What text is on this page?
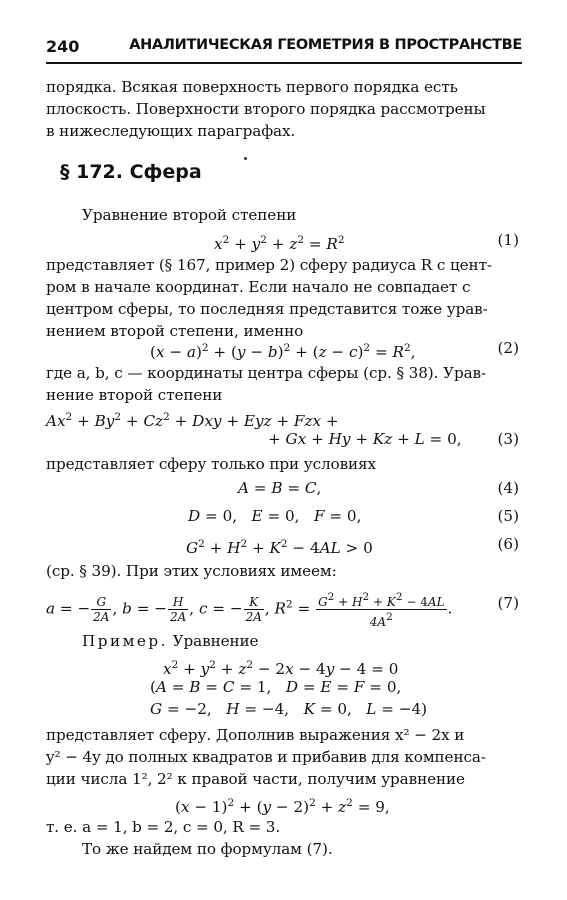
240	АНАЛИТИЧЕСКАЯ ГЕОМЕТРИЯ В ПРОСТРАНСТВЕ
порядка. Всякая поверхность первого порядка есть
плоскость. Поверхности второго порядка рассмотрены
в нижеследующих параграфах.
§ 172. Сфера
Уравнение второй степени
$x^2 + y^2 + z^2 = R^2$	(1)
представляет (§ 167, пример 2) сферу радиуса R с цент-
ром в начале координат. Если начало не совпадает с
центром сферы, то последняя представится тоже урав-
нением второй степени, именно
$(x - a)^2 + (y - b)^2 + (z - c)^2 = R^2$,	(2)
где a, b, c — координаты центра сферы (ср. § 38). Урав-
нение второй степени
$Ax^2 + By^2 + Cz^2$ + Dxy + Eyz + Fzx +
+ Gx + Hy + Kz + L = 0, (3)
представляет сферу только при условиях
A = B = C,	(4)
D = 0,   E = 0,   F = 0,	(5)
$G^2 + H^2 + K^2 - 4AL > 0$	(6)
(ср. § 39). При этих условиях имеем:
a = − $\frac{G}{2A}$ , b = − $\frac{H}{2A}$ , c = − $\frac{K}{2A}$ , $R^2 = \frac{G2 + H2 + K2 - 4AL}{4A2}$ .	(7)
Пример. Уравнение
$x^2 + y^2 + z^2 - 2x - 4y - 4 = 0$
(A = B = C = 1,   D = E = F = 0,
G = −2,   H = −4,   K = 0,   L = −4)
представляет сферу. Дополнив выражения x² − 2x и
y² − 4y до полных квадратов и прибавив для компенса-
ции числа 1², 2² к правой части, получим уравнение
$(x - 1)^2 + (y - 2)^2 + z^2 = 9$,
т. е. a = 1, b = 2, c = 0, R = 3.
То же найдем по формулам (7).
